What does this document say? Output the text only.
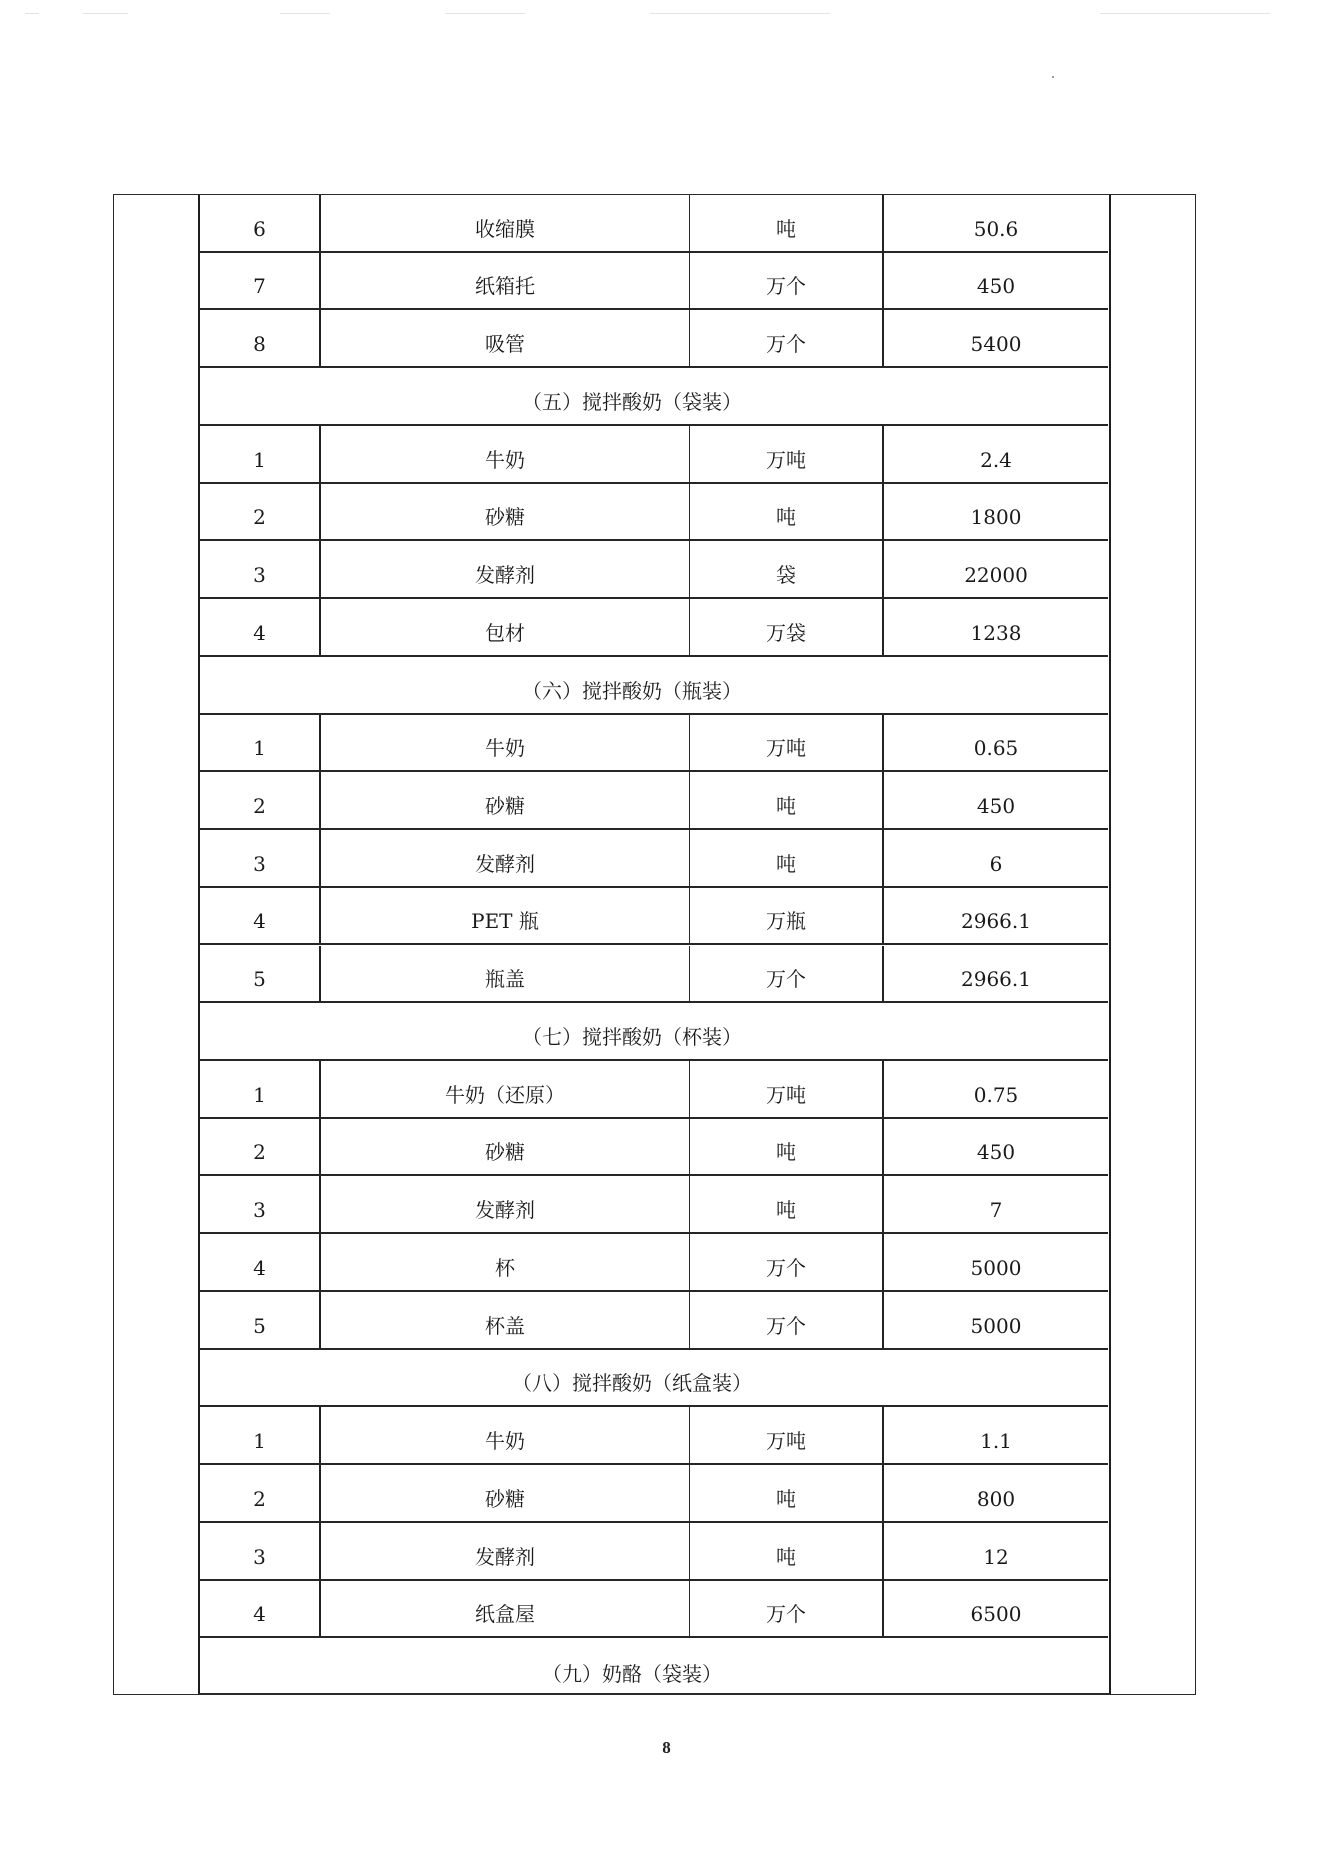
6	收缩膜	吨	50.6
7	纸箱托	万个	450
8	吸管	万个	5400
（五）搅拌酸奶（袋装）
1	牛奶	万吨	2.4
2	砂糖	吨	1800
3	发酵剂	袋	22000
4	包材	万袋	1238
（六）搅拌酸奶（瓶装）
1	牛奶	万吨	0.65
2	砂糖	吨	450
3	发酵剂	吨	6
4	PET 瓶	万瓶	2966.1
5	瓶盖	万个	2966.1
（七）搅拌酸奶（杯装）
1	牛奶（还原）	万吨	0.75
2	砂糖	吨	450
3	发酵剂	吨	7
4	杯	万个	5000
5	杯盖	万个	5000
（八）搅拌酸奶（纸盒装）
1	牛奶	万吨	1.1
2	砂糖	吨	800
3	发酵剂	吨	12
4	纸盒屋	万个	6500
（九）奶酪（袋装）
8
